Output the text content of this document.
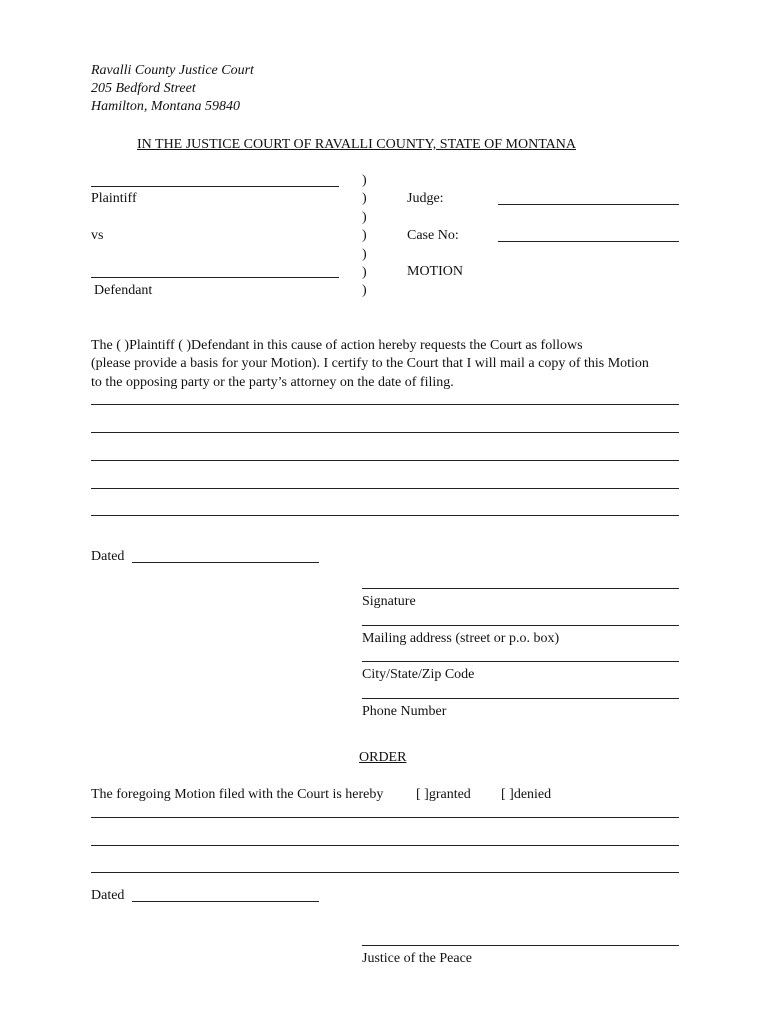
Ravalli County Justice Court
205 Bedford Street
Hamilton, Montana 59840
IN THE JUSTICE COURT OF RAVALLI COUNTY, STATE OF MONTANA
Plaintiff
vs
Defendant
)
)
)
)
)
)
)
Judge:
Case No:
MOTION
The ( )Plaintiff ( )Defendant in this cause of action hereby requests the Court as follows
(please provide a basis for your Motion). I certify to the Court that I will mail a copy of this Motion
to the opposing party or the party’s attorney on the date of filing.
Dated
Signature
Mailing address (street or p.o. box)
City/State/Zip Code
Phone Number
ORDER
The foregoing Motion filed with the Court is hereby [ ]granted [ ]denied
Dated
Justice of the Peace
